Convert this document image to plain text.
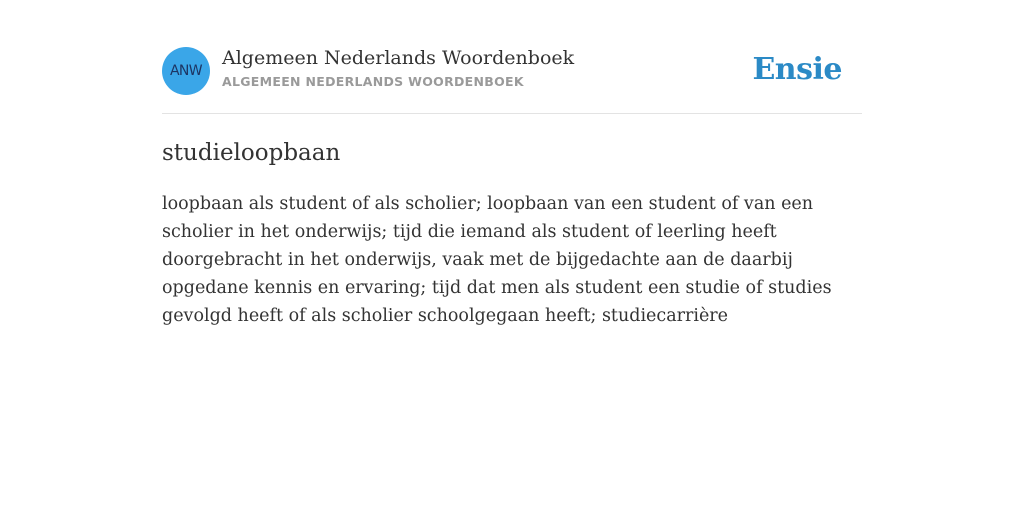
ANW
Algemeen Nederlands Woordenboek
ALGEMEEN NEDERLANDS WOORDENBOEK	Ensie
studieloopbaan
loopbaan als student of als scholier; loopbaan van een student of van een scholier in het onderwijs; tijd die iemand als student of leerling heeft doorgebracht in het onderwijs, vaak met de bijgedachte aan de daarbij opgedane kennis en ervaring; tijd dat men als student een studie of studies gevolgd heeft of als scholier schoolgegaan heeft; studiecarrière
